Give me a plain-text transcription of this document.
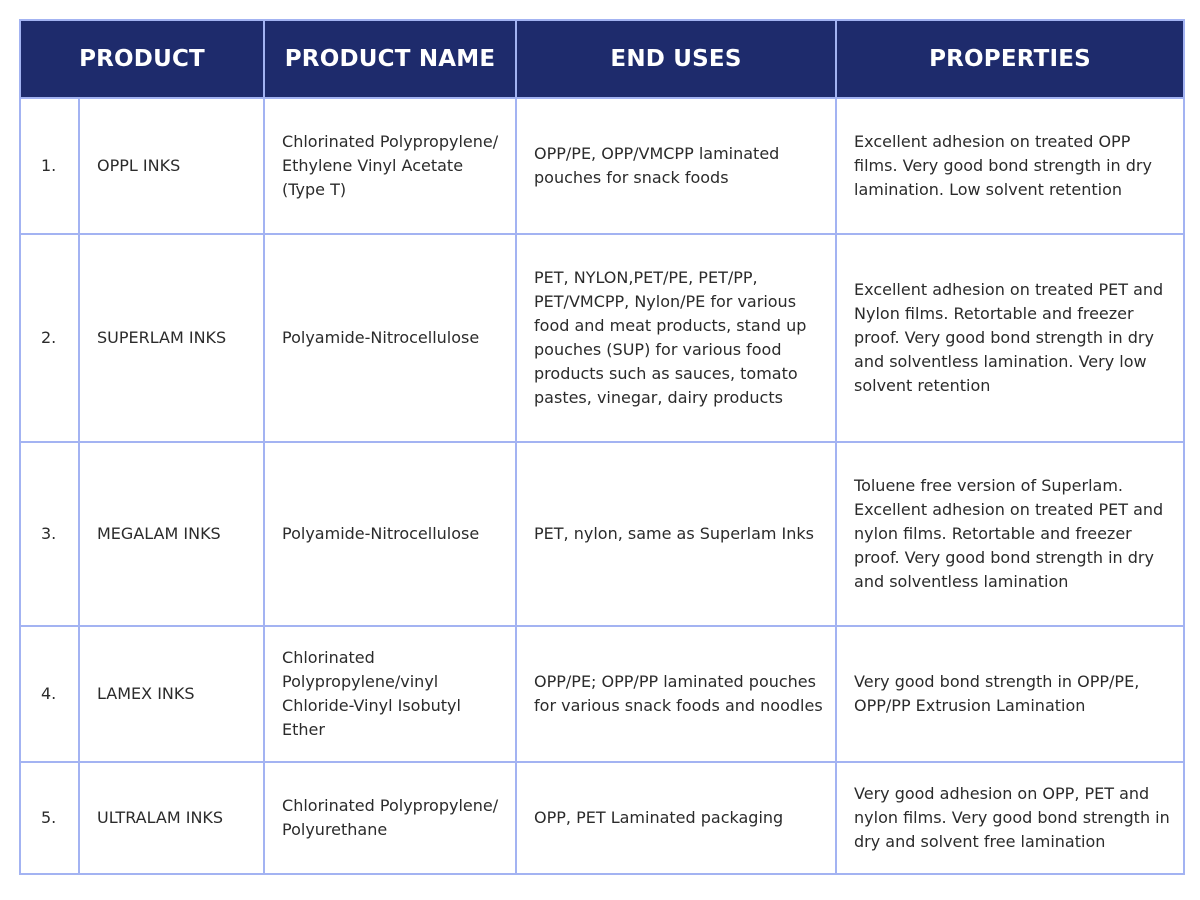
PRODUCT		PRODUCT NAME	END USES	PROPERTIES
1.	OPPL INKS	Chlorinated Polypropylene/ Ethylene Vinyl Acetate (Type T)	OPP/PE, OPP/VMCPP laminated pouches for snack foods	Excellent adhesion on treated OPP films. Very good bond strength in dry lamination. Low solvent retention
2.	SUPERLAM INKS	Polyamide-Nitrocellulose	PET, NYLON,PET/PE, PET/PP, PET/VMCPP, Nylon/PE for various food and meat products, stand up pouches (SUP) for various food products such as sauces, tomato pastes, vinegar, dairy products	Excellent adhesion on treated PET and Nylon films. Retortable and freezer proof. Very good bond strength in dry and solventless lamination. Very low solvent retention
3.	MEGALAM INKS	Polyamide-Nitrocellulose	PET, nylon, same as Superlam Inks	Toluene free version of Superlam. Excellent adhesion on treated PET and nylon films. Retortable and freezer proof. Very good bond strength in dry and solventless lamination
4.	LAMEX INKS	Chlorinated Polypropylene/vinyl Chloride-Vinyl Isobutyl Ether	OPP/PE; OPP/PP laminated pouches for various snack foods and noodles	Very good bond strength in OPP/PE, OPP/PP Extrusion Lamination
5.	ULTRALAM INKS	Chlorinated Polypropylene/ Polyurethane	OPP, PET Laminated packaging	Very good adhesion on OPP, PET and nylon films. Very good bond strength in dry and solvent free lamination
